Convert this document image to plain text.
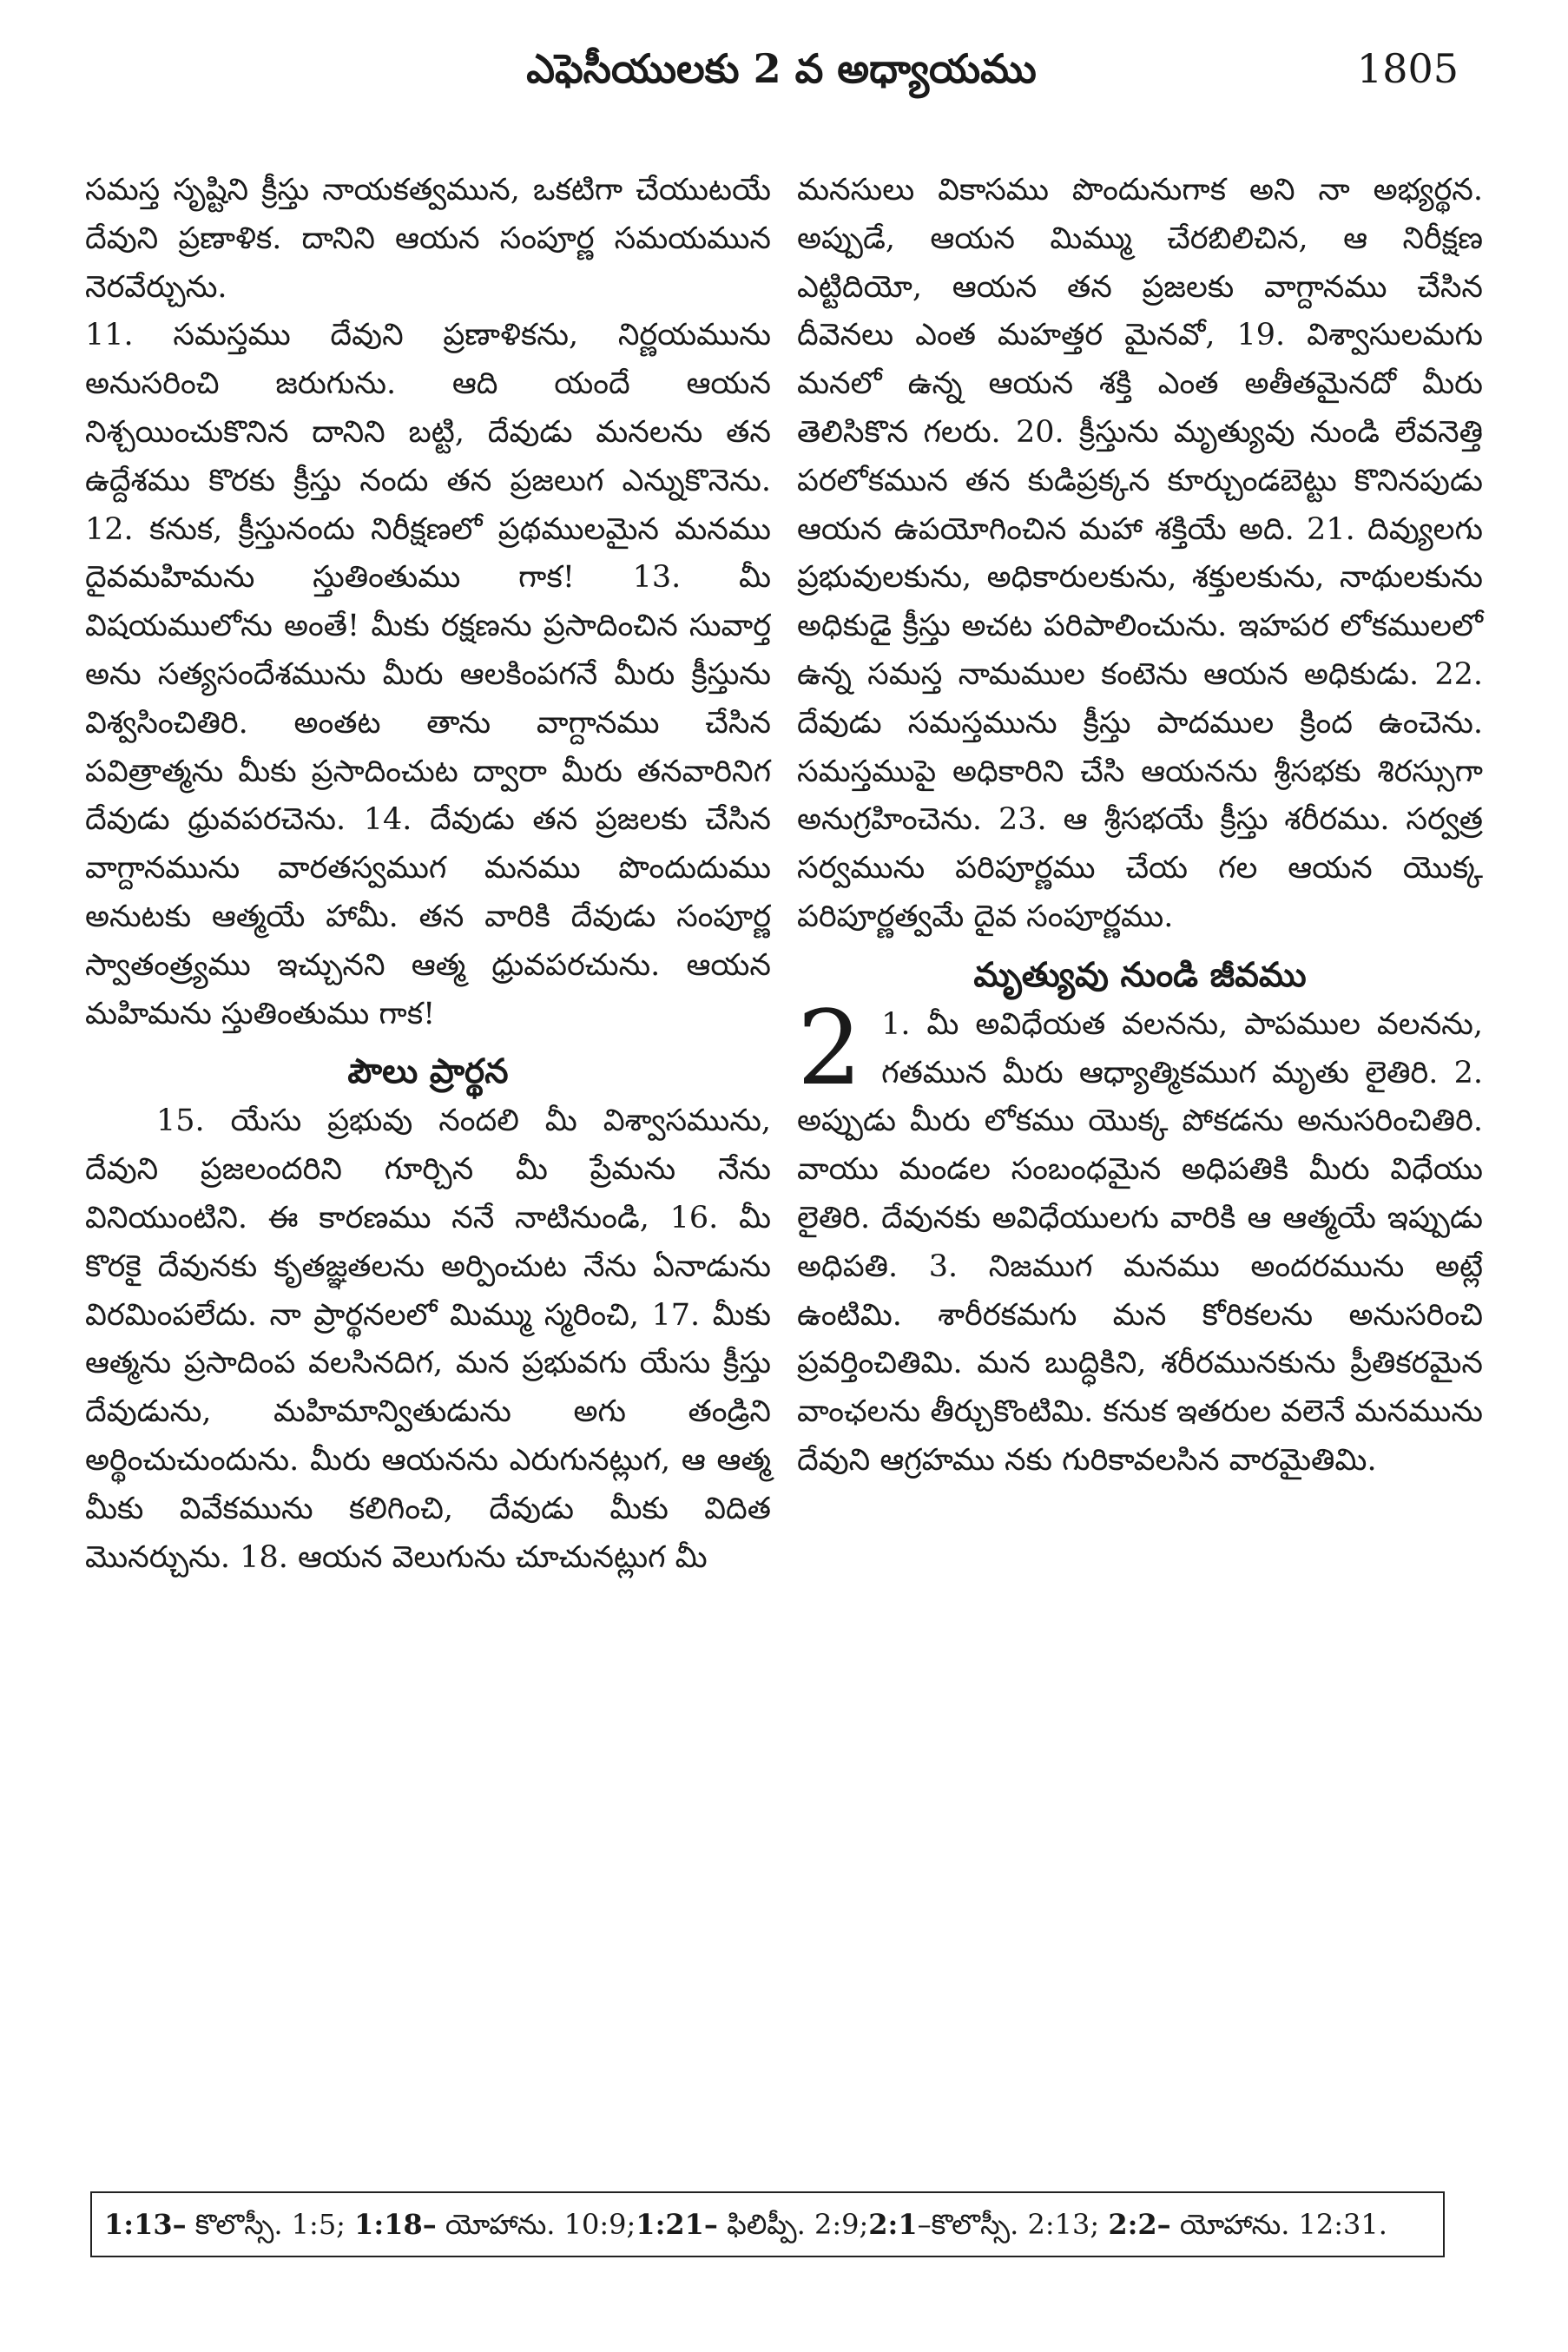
ఎఫెసీయులకు 2 వ అధ్యాయము	1805

సమస్త సృష్టిని క్రీస్తు నాయకత్వమున, ఒకటిగా చేయుటయే దేవుని ప్రణాళిక. దానిని ఆయన సంపూర్ణ సమయమున నెరవేర్చును.

11. సమస్తము దేవుని ప్రణాళికను, నిర్ణయమును అనుసరించి జరుగును. ఆది యందే ఆయన నిశ్చయించుకొనిన దానిని బట్టి, దేవుడు మనలను తన ఉద్దేశము కొరకు క్రీస్తు నందు తన ప్రజలుగ ఎన్నుకొనెను. 12. కనుక, క్రీస్తునందు నిరీక్షణలో ప్రథములమైన మనము దైవమహిమను స్తుతింతుము గాక! 13. మీ విషయములోను అంతే! మీకు రక్షణను ప్రసాదించిన సువార్త అను సత్యసందేశమును మీరు ఆలకింపగనే మీరు క్రీస్తును విశ్వసించితిరి. అంతట తాను వాగ్దానము చేసిన పవిత్రాత్మను మీకు ప్రసాదించుట ద్వారా మీరు తనవారినిగ దేవుడు ధ్రువపరచెను. 14. దేవుడు తన ప్రజలకు చేసిన వాగ్దానమును వారతస్వముగ మనము పొందుదుము అనుటకు ఆత్మయే హామీ. తన వారికి దేవుడు సంపూర్ణ స్వాతంత్ర్యము ఇచ్చునని ఆత్మ ధ్రువపరచును. ఆయన మహిమను స్తుతింతుము గాక!

పౌలు ప్రార్థన

15. యేసు ప్రభువు నందలి మీ విశ్వాసమును, దేవుని ప్రజలందరిని గూర్చిన మీ ప్రేమను నేను వినియుంటిని. ఈ కారణము ననే నాటినుండి, 16. మీ కొరకై దేవునకు కృతజ్ఞతలను అర్పించుట నేను ఏనాడును విరమింపలేదు. నా ప్రార్థనలలో మిమ్ము స్మరించి, 17. మీకు ఆత్మను ప్రసాదింప వలసినదిగ, మన ప్రభువగు యేసు క్రీస్తు దేవుడును, మహిమాన్వితుడును అగు తండ్రిని అర్థించుచుందును. మీరు ఆయనను ఎరుగునట్లుగ, ఆ ఆత్మ మీకు వివేకమును కలిగించి, దేవుడు మీకు విదిత మొనర్చును. 18. ఆయన వెలుగును చూచునట్లుగ మీ

మనసులు వికాసము పొందునుగాక అని నా అభ్యర్థన. అప్పుడే, ఆయన మిమ్ము చేరబిలిచిన, ఆ నిరీక్షణ ఎట్టిదియో, ఆయన తన ప్రజలకు వాగ్దానము చేసిన దీవెనలు ఎంత మహత్తర మైనవో, 19. విశ్వాసులమగు మనలో ఉన్న ఆయన శక్తి ఎంత అతీతమైనదో మీరు తెలిసికొన గలరు. 20. క్రీస్తును మృత్యువు నుండి లేవనెత్తి పరలోకమున తన కుడిప్రక్కన కూర్చుండబెట్టు కొనినపుడు ఆయన ఉపయోగించిన మహా శక్తియే అది. 21. దివ్యులగు ప్రభువులకును, అధికారులకును, శక్తులకును, నాథులకును అధికుడై క్రీస్తు అచట పరిపాలించును. ఇహపర లోకములలో ఉన్న సమస్త నామముల కంటెను ఆయన అధికుడు. 22. దేవుడు సమస్తమును క్రీస్తు పాదముల క్రింద ఉంచెను. సమస్తముపై అధికారిని చేసి ఆయనను శ్రీసభకు శిరస్సుగా అనుగ్రహించెను. 23. ఆ శ్రీసభయే క్రీస్తు శరీరము. సర్వత్ర సర్వమును పరిపూర్ణము చేయ గల ఆయన యొక్క పరిపూర్ణత్వమే దైవ సంపూర్ణము.

మృత్యువు నుండి జీవము
2 1. మీ అవిధేయత వలనను, పాపముల వలనను, గతమున మీరు ఆధ్యాత్మికముగ మృతు లైతిరి. 2. అప్పుడు మీరు లోకము యొక్క పోకడను అనుసరించితిరి. వాయు మండల సంబంధమైన అధిపతికి మీరు విధేయు లైతిరి. దేవునకు అవిధేయులగు వారికి ఆ ఆత్మయే ఇప్పుడు అధిపతి. 3. నిజముగ మనము అందరమును అట్లే ఉంటిమి. శారీరకమగు మన కోరికలను అనుసరించి ప్రవర్తించితిమి. మన బుద్ధికిని, శరీరమునకును ప్రీతికరమైన వాంఛలను తీర్చుకొంటిమి. కనుక ఇతరుల వలెనే మనమును దేవుని ఆగ్రహము నకు గురికావలసిన వారమైతిమి.

1:13– కొలొస్సీ. 1:5; 1:18– యోహాను. 10:9;1:21– ఫిలిప్పీ. 2:9;2:1–కొలొస్సీ. 2:13; 2:2– యోహాను. 12:31.
